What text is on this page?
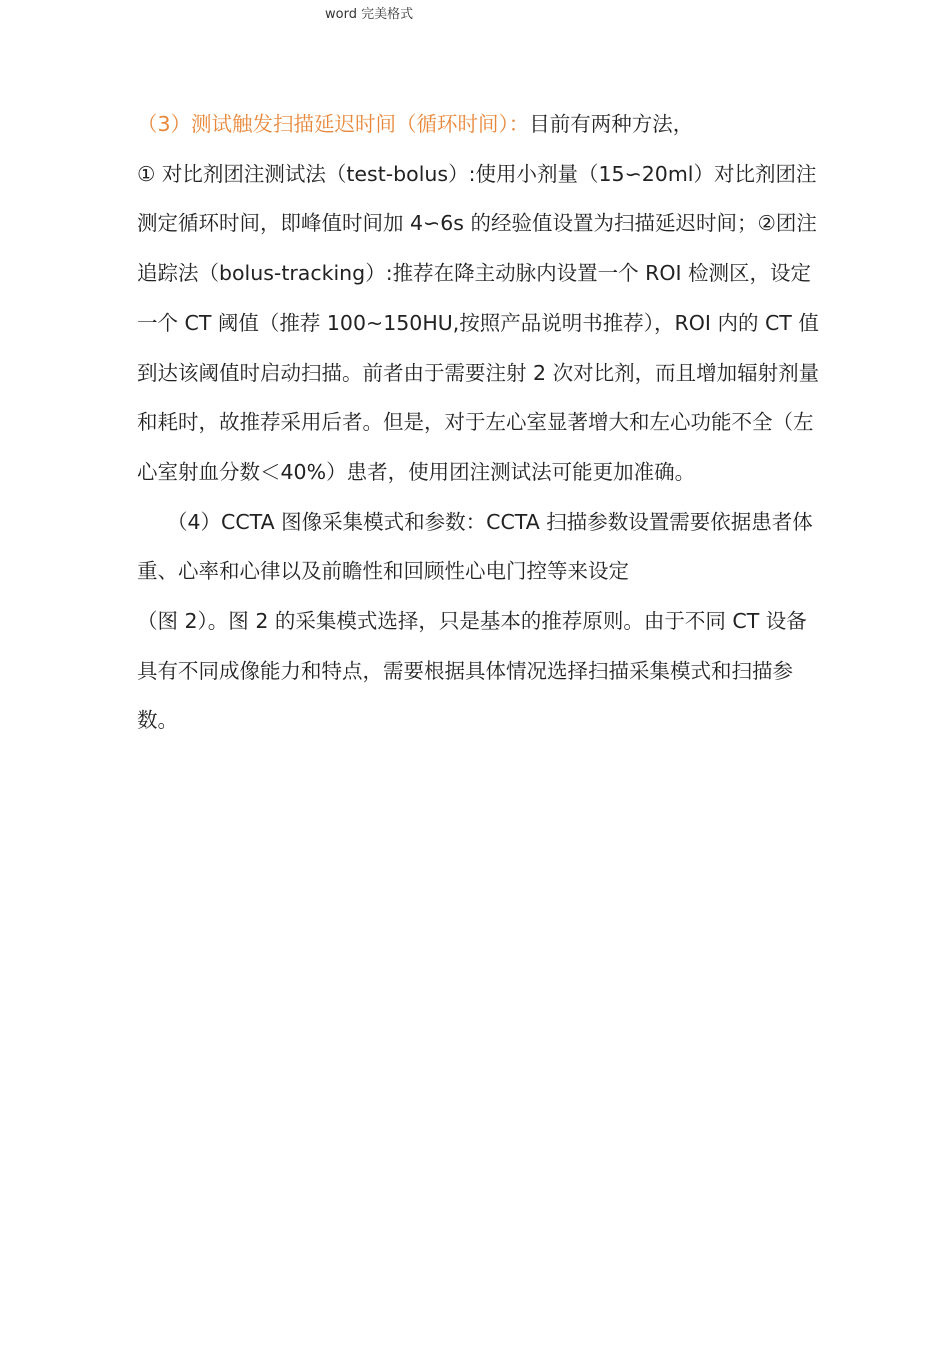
word 完美格式

（3）测试触发扫描延迟时间（循环时间）：目前有两种方法，
① 对比剂团注测试法（test-bolus）:使用小剂量（15∽20ml）对比剂团注测定循环时间，即峰值时间加 4∽6s 的经验值设置为扫描延迟时间；②团注追踪法（bolus-tracking）:推荐在降主动脉内设置一个 ROI 检测区，设定一个 CT 阈值（推荐 100~150HU,按照产品说明书推荐），ROI 内的 CT 值到达该阈值时启动扫描。前者由于需要注射 2 次对比剂，而且增加辐射剂量和耗时，故推荐采用后者。但是，对于左心室显著增大和左心功能不全（左心室射血分数＜40%）患者，使用团注测试法可能更加准确。

（4）CCTA 图像采集模式和参数：CCTA 扫描参数设置需要依据患者体重、心率和心律以及前瞻性和回顾性心电门控等来设定

（图 2）。图 2 的采集模式选择，只是基本的推荐原则。由于不同 CT 设备具有不同成像能力和特点，需要根据具体情况选择扫描采集模式和扫描参数。
